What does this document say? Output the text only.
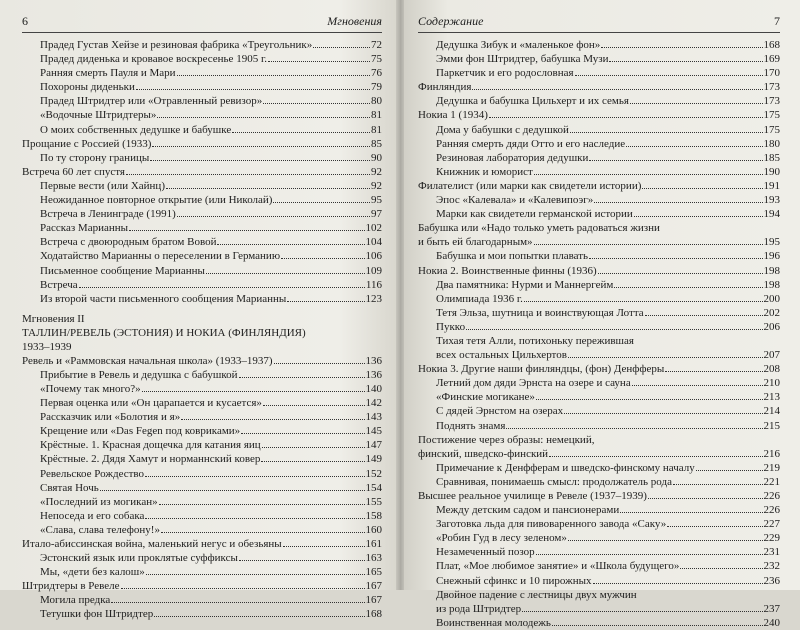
6	Мгновения
Прадед Густав Хейзе и резиновая фабрика «Треугольник»	72
Прадед диденька и кровавое воскресенье 1905 г.	75
Ранняя смерть Пауля и Мари	76
Похороны диденьки	79
Прадед Штридтер или «Отравленный ревизор»	80
«Водочные Штридтеры»	81
О моих собственных дедушке и бабушке	81
Прощание с Россией (1933)	85
По ту сторону границы	90
Встреча 60 лет спустя	92
Первые вести (или Хайнц)	92
Неожиданное повторное открытие (или Николай)	95
Встреча в Ленинграде (1991)	97
Рассказ Марианны	102
Встреча с двоюродным братом Вовой	104
Ходатайство Марианны о переселении в Германию	106
Письменное сообщение Марианны	109
Встреча	116
Из второй части письменного сообщения Марианны	123
Мгновения II
ТАЛЛИН/РЕВЕЛЬ (ЭСТОНИЯ) И НОКИА (ФИНЛЯНДИЯ)
1933–1939
Ревель и «Раммовская начальная школа» (1933–1937)	136
Прибытие в Ревель и дедушка с бабушкой	136
«Почему так много?»	140
Первая оценка или «Он царапается и кусается»	142
Рассказчик или «Болотия и я»	143
Крещение или «Das Fegen под ковриками»	145
Крёстные. 1. Красная дощечка для катания яиц	147
Крёстные. 2. Дядя Хамут и норманнский ковер	149
Ревельское Рождество	152
Святая Ночь	154
«Последний из могикан»	155
Непоседа и его собака	158
«Слава, слава телефону!»	160
Итало-абиссинская война, маленький негус и обезьяны	161
Эстонский язык или проклятые суффиксы	163
Мы, «дети без калош»	165
Штридтеры в Ревеле	167
Могила предка	167
Тетушки фон Штридтер	168
Содержание	7
Дедушка Зибук и «маленькое фон»	168
Эмми фон Штридтер, бабушка Музи	169
Паркетчик и его родословная	170
Финляндия	173
Дедушка и бабушка Цильхерт и их семья	173
Нокиа 1 (1934)	175
Дома у бабушки с дедушкой	175
Ранняя смерть дяди Отто и его наследие	180
Резиновая лаборатория дедушки	185
Книжник и юморист	190
Филателист (или марки как свидетели истории)	191
Эпос «Калевала» и «Калевипоэг»	193
Марки как свидетели германской истории	194
Бабушка или «Надо только уметь радоваться жизни
и быть ей благодарным»	195
Бабушка и мои попытки плавать	196
Нокиа 2. Воинственные финны (1936)	198
Два памятника: Нурми и Маннергейм	198
Олимпиада 1936 г.	200
Тетя Эльза, шутница и воинствующая Лотта	202
Пукко	206
Тихая тетя Алли, потихоньку пережившая
всех остальных Цильхертов	207
Нокиа 3. Другие наши финляндцы, (фон) Денфферы	208
Летний дом дяди Эрнста на озере и сауна	210
«Финские могикане»	213
С дядей Эрнстом на озерах	214
Поднять знамя	215
Постижение через образы: немецкий,
финский, шведско-финский	216
Примечание к Денфферам и шведско-финскому началу	219
Сравнивая, понимаешь смысл: продолжатель рода	221
Высшее реальное училище в Ревеле (1937–1939)	226
Между детским садом и пансионерами	226
Заготовка льда для пивоваренного завода «Саку»	227
«Робин Гуд в лесу зеленом»	229
Незамеченный позор	231
Плат, «Мое любимое занятие» и «Школа будущего»	232
Снежный сфинкс и 10 пирожных	236
Двойное падение с лестницы двух мужчин
из рода Штридтер	237
Воинственная молодежь	240
